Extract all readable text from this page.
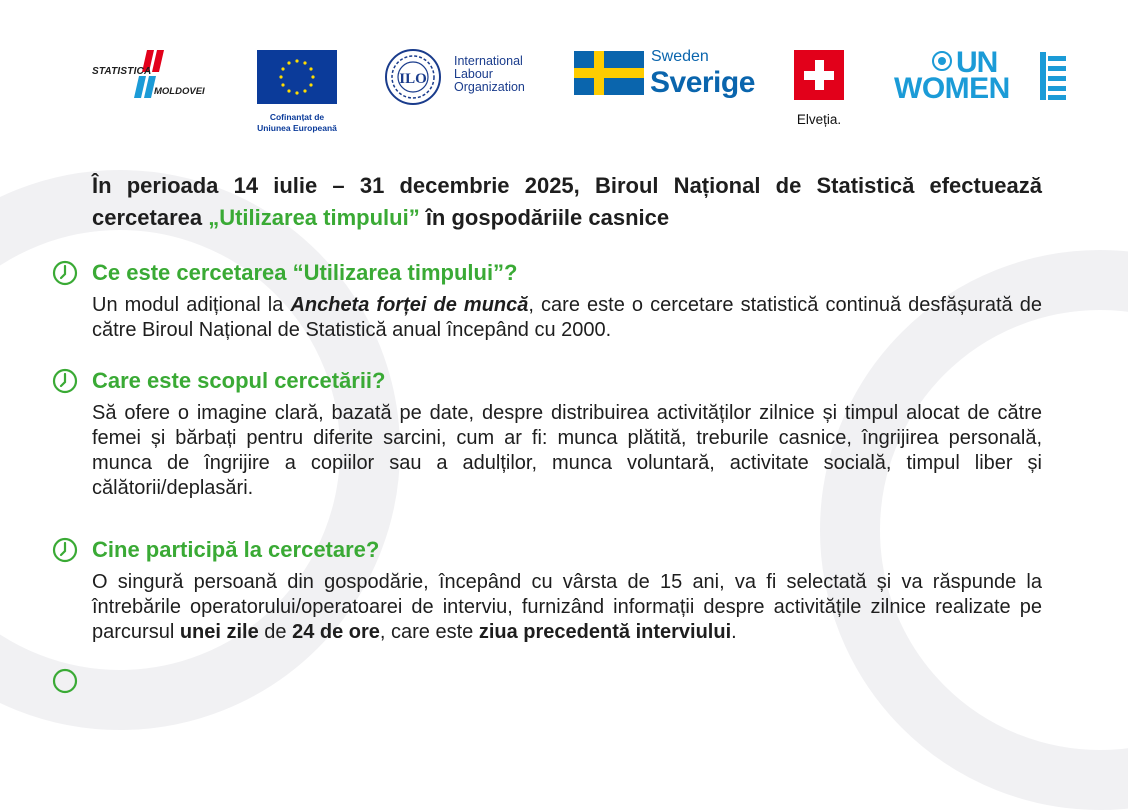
STATISTICA
MOLDOVEI
Cofinanțat de
Uniunea Europeană
ILO
International
Labour
Organization
Sweden
Sverige
Elveția.
UN
WOMEN
În perioada 14 iulie – 31 decembrie 2025, Biroul Național de Statistică efectuează cercetarea „Utilizarea timpului” în gospodăriile casnice
Ce este cercetarea “Utilizarea timpului”?
Un modul adițional la Ancheta forței de muncă, care este o cercetare statistică continuă desfășurată de către Biroul Național de Statistică anual începând cu 2000.
Care este scopul cercetării?
Să ofere o imagine clară, bazată pe date, despre distribuirea activităților zilnice și timpul alocat de către femei și bărbați pentru diferite sarcini, cum ar fi: munca plătită, treburile casnice, îngrijirea personală, munca de îngrijire a copiilor sau a adulților, munca voluntară, activitate socială, timpul liber și călătorii/deplasări.
Cine participă la cercetare?
O singură persoană din gospodărie, începând cu vârsta de 15 ani, va fi selectată și va răspunde la întrebările operatorului/operatoarei de interviu, furnizând informații despre activitățile zilnice realizate pe parcursul unei zile de 24 de ore, care este ziua precedentă interviului.
